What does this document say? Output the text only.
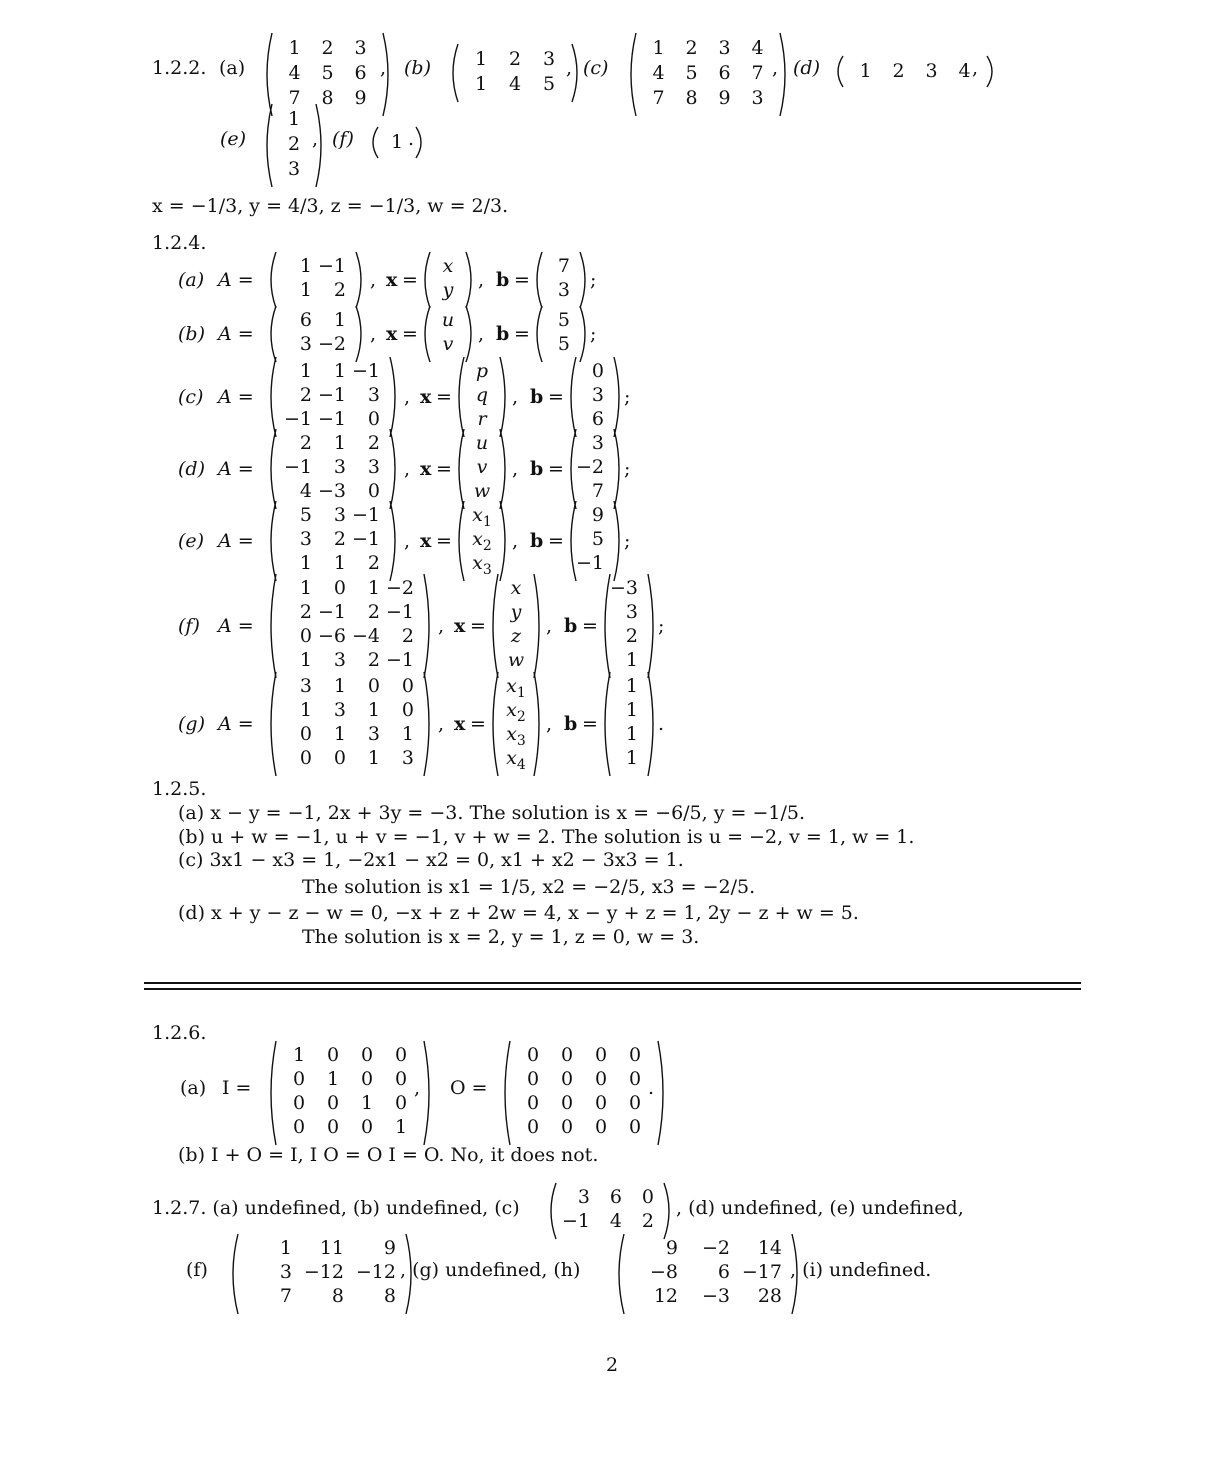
1.2.2. (a)
1 2 3
4 5 6
7 8 9
, (b) 1 2 3
1 4 5
, (c)
1 2 3 4
4 5 6 7
7 8 9 3
, (d) 1 2 3 4 ,
(e)
1
2
3
, (f) 1 .
x = −1/3, y = 4/3, z = −1/3, w = 2/3.
1.2.4.
(a) A =
1 −1
1 2 , x =
x
y , b =
7
3 ;
(b) A =
6 1
3 −2 , x =
u
v , b =
5
5 ;
(c) A =
1 1 −1
2 −1 3
−1 −1 0
, x =
p
q
r
, b =
0
3
6
;
(d) A =
2 1 2
−1 3 3
4 −3 0
, x =
u
v
w
, b =
3
−2
7
;
(e) A =
5 3 −1
3 2 −1
1 1 2
, x =
$x_1$
$x_2$
$x_3$
, b =
9
5
−1
;
(f) A =
1 0 1 −2
2 −1 2 −1
0 −6 −4 2
1 3 2 −1
, x =
x
y
z
w
, b =
−3
3
2
1
;
(g) A =
3 1 0 0
1 3 1 0
0 1 3 1
0 0 1 3
, x =
$x_1$
$x_2$
$x_3$
$x_4$
, b =
1
1
1
1
.
1.2.5.
(a) x − y = −1, 2x + 3y = −3. The solution is x = −6/5, y = −1/5.
(b) u + w = −1, u + v = −1, v + w = 2. The solution is u = −2, v = 1, w = 1.
(c) 3x1 − x3 = 1, −2x1 − x2 = 0, x1 + x2 − 3x3 = 1.
The solution is x1 = 1/5, x2 = −2/5, x3 = −2/5.
(d) x + y − z − w = 0, −x + z + 2w = 4, x − y + z = 1, 2y − z + w = 5.
The solution is x = 2, y = 1, z = 0, w = 3.
1.2.6.
(a) I =
1 0 0 0
0 1 0 0
0 0 1 0
0 0 0 1
, O =
0 0 0 0
0 0 0 0
0 0 0 0
0 0 0 0
.
(b) I + O = I, I O = O I = O. No, it does not.
1.2.7. (a) undefined, (b) undefined, (c)	3 6 0
−1 4 2
, (d) undefined, (e) undefined,
(f)
1 11 9
3 −12 −12
7 8 8
, (g) undefined, (h)
9 −2 14
−8 6 −17
12 −3 28
, (i) undefined.
2
